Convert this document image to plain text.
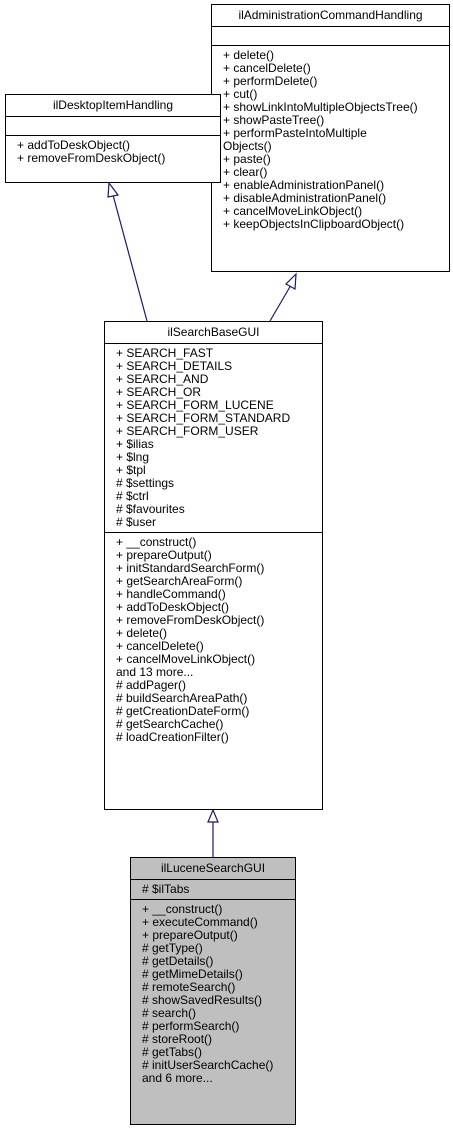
ilAdministrationCommandHandling
+ delete()
+ cancelDelete()
+ performDelete()
+ cut()
+ showLinkIntoMultipleObjectsTree()
+ showPasteTree()
+ performPasteIntoMultiple
Objects()
+ paste()
+ clear()
+ enableAdministrationPanel()
+ disableAdministrationPanel()
+ cancelMoveLinkObject()
+ keepObjectsInClipboardObject()
ilDesktopItemHandling
+ addToDeskObject()
+ removeFromDeskObject()
ilSearchBaseGUI
+ SEARCH_FAST
+ SEARCH_DETAILS
+ SEARCH_AND
+ SEARCH_OR
+ SEARCH_FORM_LUCENE
+ SEARCH_FORM_STANDARD
+ SEARCH_FORM_USER
+ $ilias
+ $lng
+ $tpl
# $settings
# $ctrl
# $favourites
# $user
+ __construct()
+ prepareOutput()
+ initStandardSearchForm()
+ getSearchAreaForm()
+ handleCommand()
+ addToDeskObject()
+ removeFromDeskObject()
+ delete()
+ cancelDelete()
+ cancelMoveLinkObject()
and 13 more...
# addPager()
# buildSearchAreaPath()
# getCreationDateForm()
# getSearchCache()
# loadCreationFilter()
ilLuceneSearchGUI
# $ilTabs
+ __construct()
+ executeCommand()
+ prepareOutput()
# getType()
# getDetails()
# getMimeDetails()
# remoteSearch()
# showSavedResults()
# search()
# performSearch()
# storeRoot()
# getTabs()
# initUserSearchCache()
and 6 more...
